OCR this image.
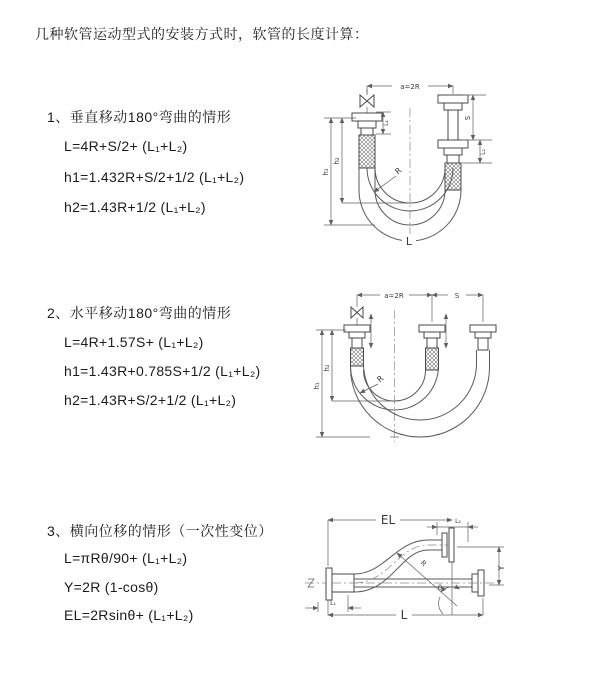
几种软管运动型式的安装方式时，软管的长度计算：
1、垂直移动180°弯曲的情形
L=4R+S/2+ (L₁+L₂)
h1=1.432R+S/2+1/2 (L₁+L₂)
h2=1.43R+1/2 (L₁+L₂)
2、水平移动180°弯曲的情形
L=4R+1.57S+ (L₁+L₂)
h1=1.43R+0.785S+1/2 (L₁+L₂)
h2=1.43R+S/2+1/2 (L₁+L₂)
3、横向位移的情形（一次性变位）
L=πRθ/90+ (L₁+L₂)
Y=2R (1-cosθ)
EL=2Rsinθ+ (L₁+L₂)
a=2R
h₁
h₂
L₁
S
L₂
R
L
a=2R	S
h₁
h₂
R
EL	L₂
Y
R
θ
L
L₁
